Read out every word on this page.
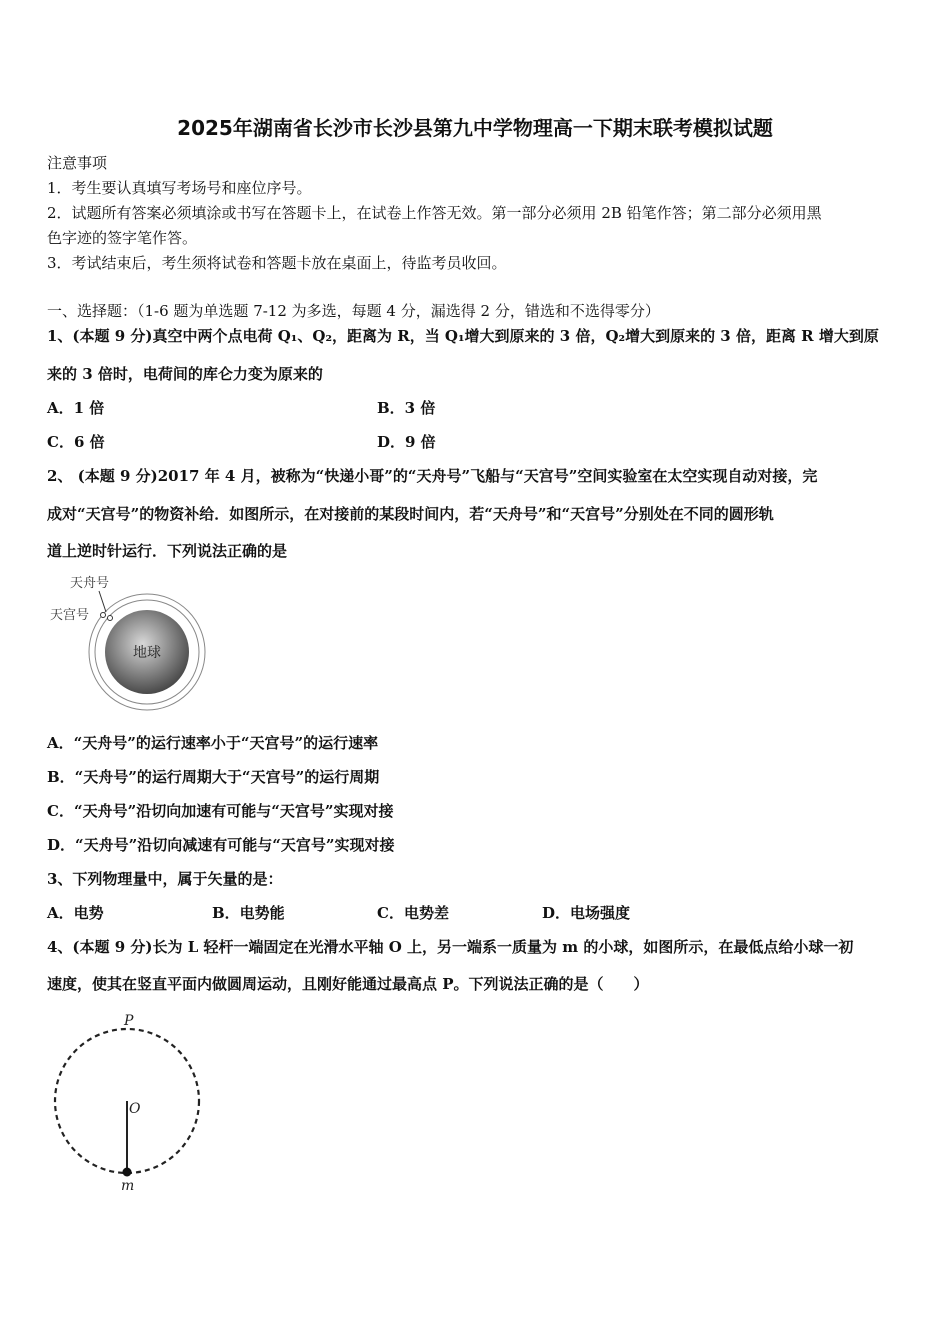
2025年湖南省长沙市长沙县第九中学物理高一下期末联考模拟试题
注意事项
1．考生要认真填写考场号和座位序号。
2．试题所有答案必须填涂或书写在答题卡上，在试卷上作答无效。第一部分必须用 2B 铅笔作答；第二部分必须用黑
色字迹的签字笔作答。
3．考试结束后，考生须将试卷和答题卡放在桌面上，待监考员收回。
一、选择题：（1-6 题为单选题 7-12 为多选，每题 4 分，漏选得 2 分，错选和不选得零分）
1、(本题 9 分)真空中两个点电荷 Q₁、Q₂，距离为 R，当 Q₁增大到原来的 3 倍，Q₂增大到原来的 3 倍，距离 R 增大到原
来的 3 倍时，电荷间的库仑力变为原来的
A．1 倍	B．3 倍
C．6 倍	D．9 倍
2、 (本题 9 分)2017 年 4 月，被称为“快递小哥”的“天舟号”飞船与“天宫号”空间实验室在太空实现自动对接，完
成对“天宫号”的物资补给．如图所示，在对接前的某段时间内，若“天舟号”和“天宫号”分别处在不同的圆形轨
道上逆时针运行．下列说法正确的是
地球
天舟号
天宫号
A．“天舟号”的运行速率小于“天宫号”的运行速率
B．“天舟号”的运行周期大于“天宫号”的运行周期
C．“天舟号”沿切向加速有可能与“天宫号”实现对接
D．“天舟号”沿切向减速有可能与“天宫号”实现对接
3、下列物理量中，属于矢量的是：
A．电势	B．电势能	C．电势差	D．电场强度
4、(本题 9 分)长为 L 轻杆一端固定在光滑水平轴 O 上，另一端系一质量为 m 的小球，如图所示，在最低点给小球一初
速度，使其在竖直平面内做圆周运动，且刚好能通过最高点 P。下列说法正确的是（　　）
P
O
m
